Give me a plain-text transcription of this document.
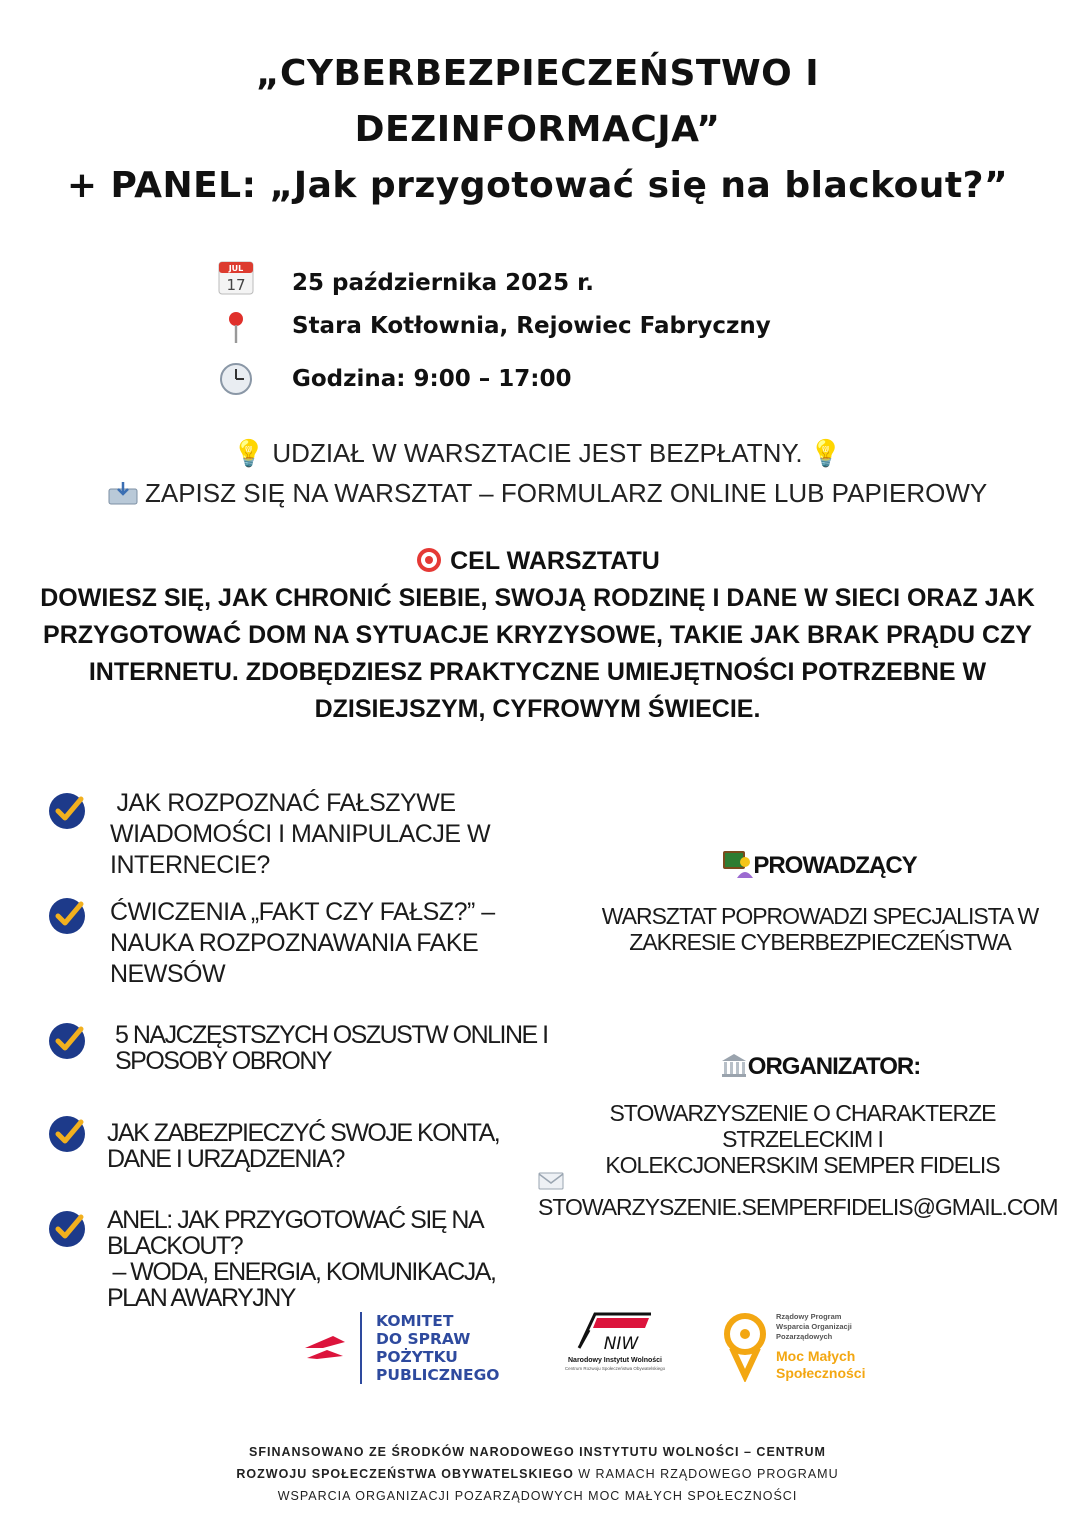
„CYBERBEZPIECZEŃSTWO I
DEZINFORMACJA”
+ PANEL: „Jak przygotować się na blackout?”
JUL
17 25 października 2025 r.
Stara Kotłownia, Rejowiec Fabryczny
Godzina: 9:00 – 17:00
💡 UDZIAŁ W WARSZTACIE JEST BEZPŁATNY. 💡
ZAPISZ SIĘ NA WARSZTAT – FORMULARZ ONLINE LUB PAPIEROWY
CEL WARSZTATU
DOWIESZ SIĘ, JAK CHRONIĆ SIEBIE, SWOJĄ RODZINĘ I DANE W SIECI ORAZ JAK
PRZYGOTOWAĆ DOM NA SYTUACJE KRYZYSOWE, TAKIE JAK BRAK PRĄDU CZY
INTERNETU. ZDOBĘDZIESZ PRAKTYCZNE UMIEJĘTNOŚCI POTRZEBNE W
DZISIEJSZYM, CYFROWYM ŚWIECIE.
JAK ROZPOZNAĆ FAŁSZYWE
WIADOMOŚCI I MANIPULACJE W
INTERNECIE?
ĆWICZENIA „FAKT CZY FAŁSZ?” –
NAUKA ROZPOZNAWANIA FAKE
NEWSÓW
5 NAJCZĘSTSZYCH OSZUSTW ONLINE I
SPOSOBY OBRONY
JAK ZABEZPIECZYĆ SWOJE KONTA,
DANE I URZĄDZENIA?
ANEL: JAK PRZYGOTOWAĆ SIĘ NA
BLACKOUT?
– WODA, ENERGIA, KOMUNIKACJA,
PLAN AWARYJNY
PROWADZĄCY
WARSZTAT POPROWADZI SPECJALISTA W
ZAKRESIE CYBERBEZPIECZEŃSTWA
ORGANIZATOR:
STOWARZYSZENIE O CHARAKTERZE STRZELECKIM I
KOLEKCJONERSKIM SEMPER FIDELIS
STOWARZYSZENIE.SEMPERFIDELIS@GMAIL.COM
KOMITET
DO SPRAW
POŻYTKU
PUBLICZNEGO
NIW
Narodowy Instytut Wolności
Centrum Rozwoju Społeczeństwa Obywatelskiego
Rządowy Program
Wsparcia Organizacji
Pozarządowych
Moc Małych
Społeczności
SFINANSOWANO ZE ŚRODKÓW NARODOWEGO INSTYTUTU WOLNOŚCI – CENTRUM
ROZWOJU SPOŁECZEŃSTWA OBYWATELSKIEGO W RAMACH RZĄDOWEGO PROGRAMU
WSPARCIA ORGANIZACJI POZARZĄDOWYCH MOC MAŁYCH SPOŁECZNOŚCI
